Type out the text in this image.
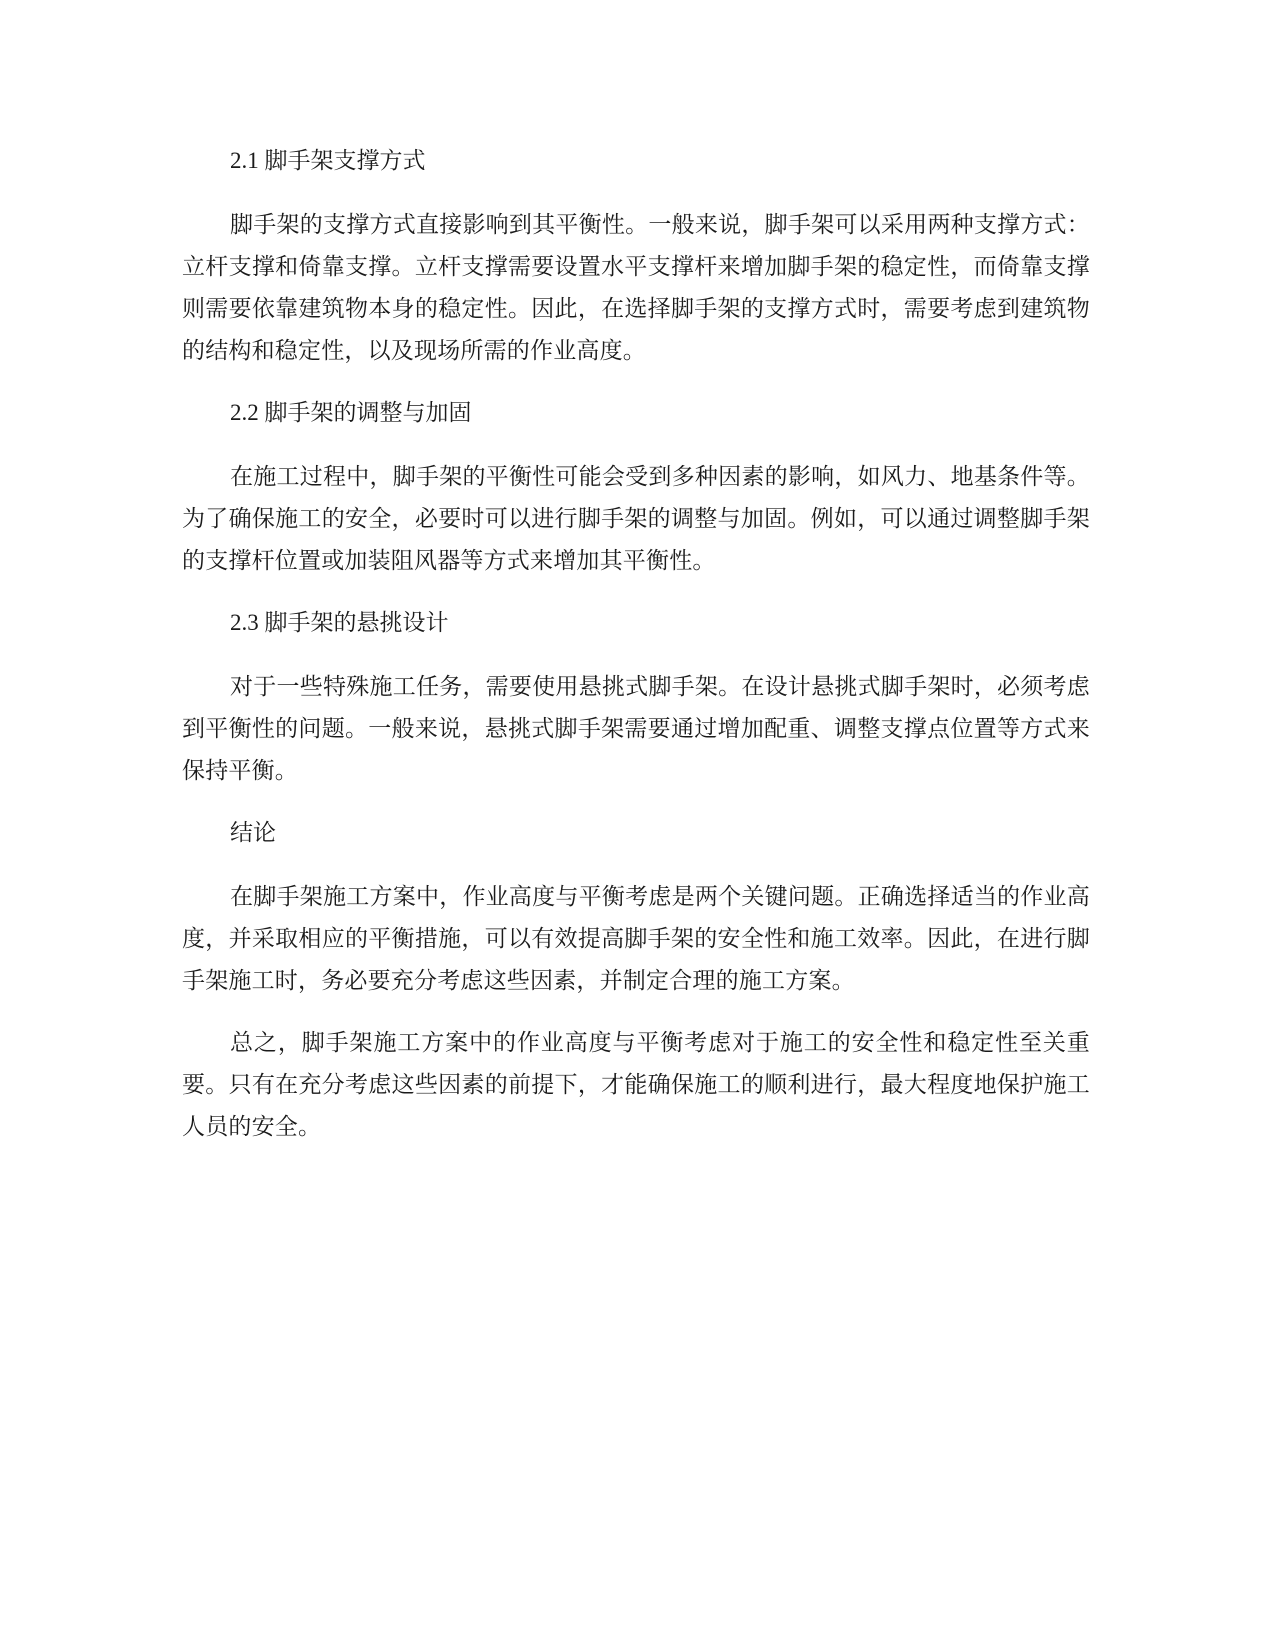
2.1 脚手架支撑方式

脚手架的支撑方式直接影响到其平衡性。一般来说，脚手架可以采用两种支撑方式：立杆支撑和倚靠支撑。立杆支撑需要设置水平支撑杆来增加脚手架的稳定性，而倚靠支撑则需要依靠建筑物本身的稳定性。因此，在选择脚手架的支撑方式时，需要考虑到建筑物的结构和稳定性，以及现场所需的作业高度。

2.2 脚手架的调整与加固

在施工过程中，脚手架的平衡性可能会受到多种因素的影响，如风力、地基条件等。为了确保施工的安全，必要时可以进行脚手架的调整与加固。例如，可以通过调整脚手架的支撑杆位置或加装阻风器等方式来增加其平衡性。

2.3 脚手架的悬挑设计

对于一些特殊施工任务，需要使用悬挑式脚手架。在设计悬挑式脚手架时，必须考虑到平衡性的问题。一般来说，悬挑式脚手架需要通过增加配重、调整支撑点位置等方式来保持平衡。

结论

在脚手架施工方案中，作业高度与平衡考虑是两个关键问题。正确选择适当的作业高度，并采取相应的平衡措施，可以有效提高脚手架的安全性和施工效率。因此，在进行脚手架施工时，务必要充分考虑这些因素，并制定合理的施工方案。

总之，脚手架施工方案中的作业高度与平衡考虑对于施工的安全性和稳定性至关重要。只有在充分考虑这些因素的前提下，才能确保施工的顺利进行，最大程度地保护施工人员的安全。
